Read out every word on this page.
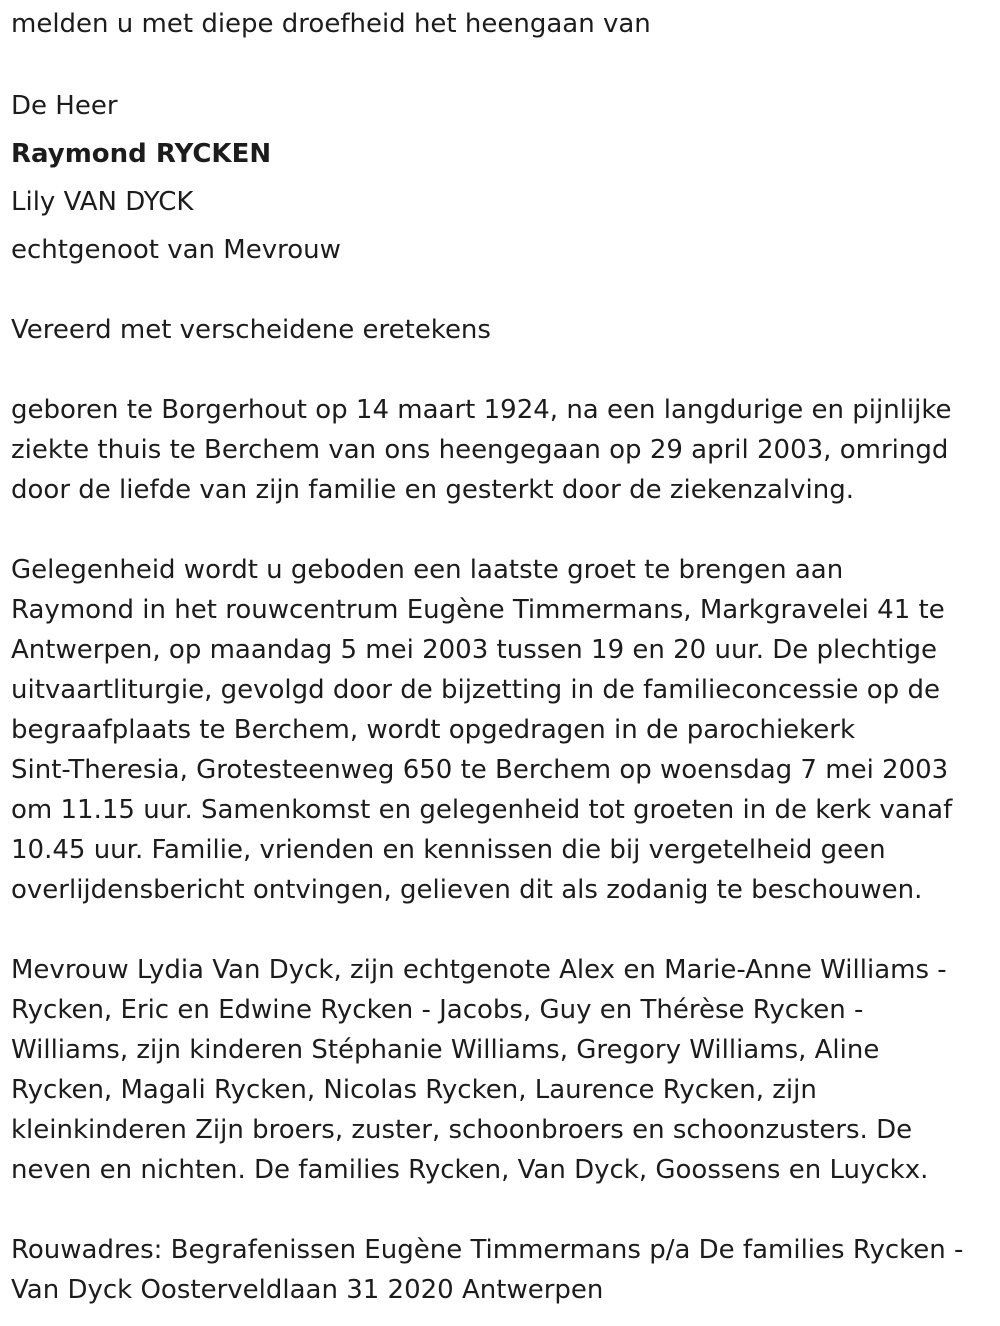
melden u met diepe droefheid het heengaan van

De Heer

Raymond RYCKEN

Lily VAN DYCK

echtgenoot van Mevrouw

Vereerd met verscheidene eretekens

geboren te Borgerhout op 14 maart 1924, na een langdurige en pijnlijke
ziekte thuis te Berchem van ons heengegaan op 29 april 2003, omringd
door de liefde van zijn familie en gesterkt door de ziekenzalving.
Gelegenheid wordt u geboden een laatste groet te brengen aan
Raymond in het rouwcentrum Eugène Timmermans, Markgravelei 41 te
Antwerpen, op maandag 5 mei 2003 tussen 19 en 20 uur. De plechtige
uitvaartliturgie, gevolgd door de bijzetting in de familieconcessie op de
begraafplaats te Berchem, wordt opgedragen in de parochiekerk
Sint-Theresia, Grotesteenweg 650 te Berchem op woensdag 7 mei 2003
om 11.15 uur. Samenkomst en gelegenheid tot groeten in de kerk vanaf
10.45 uur. Familie, vrienden en kennissen die bij vergetelheid geen
overlijdensbericht ontvingen, gelieven dit als zodanig te beschouwen.
Mevrouw Lydia Van Dyck, zijn echtgenote Alex en Marie-Anne Williams -
Rycken, Eric en Edwine Rycken - Jacobs, Guy en Thérèse Rycken -
Williams, zijn kinderen Stéphanie Williams, Gregory Williams, Aline
Rycken, Magali Rycken, Nicolas Rycken, Laurence Rycken, zijn
kleinkinderen Zijn broers, zuster, schoonbroers en schoonzusters. De
neven en nichten. De families Rycken, Van Dyck, Goossens en Luyckx.
Rouwadres: Begrafenissen Eugène Timmermans p/a De families Rycken -
Van Dyck Oosterveldlaan 31 2020 Antwerpen
